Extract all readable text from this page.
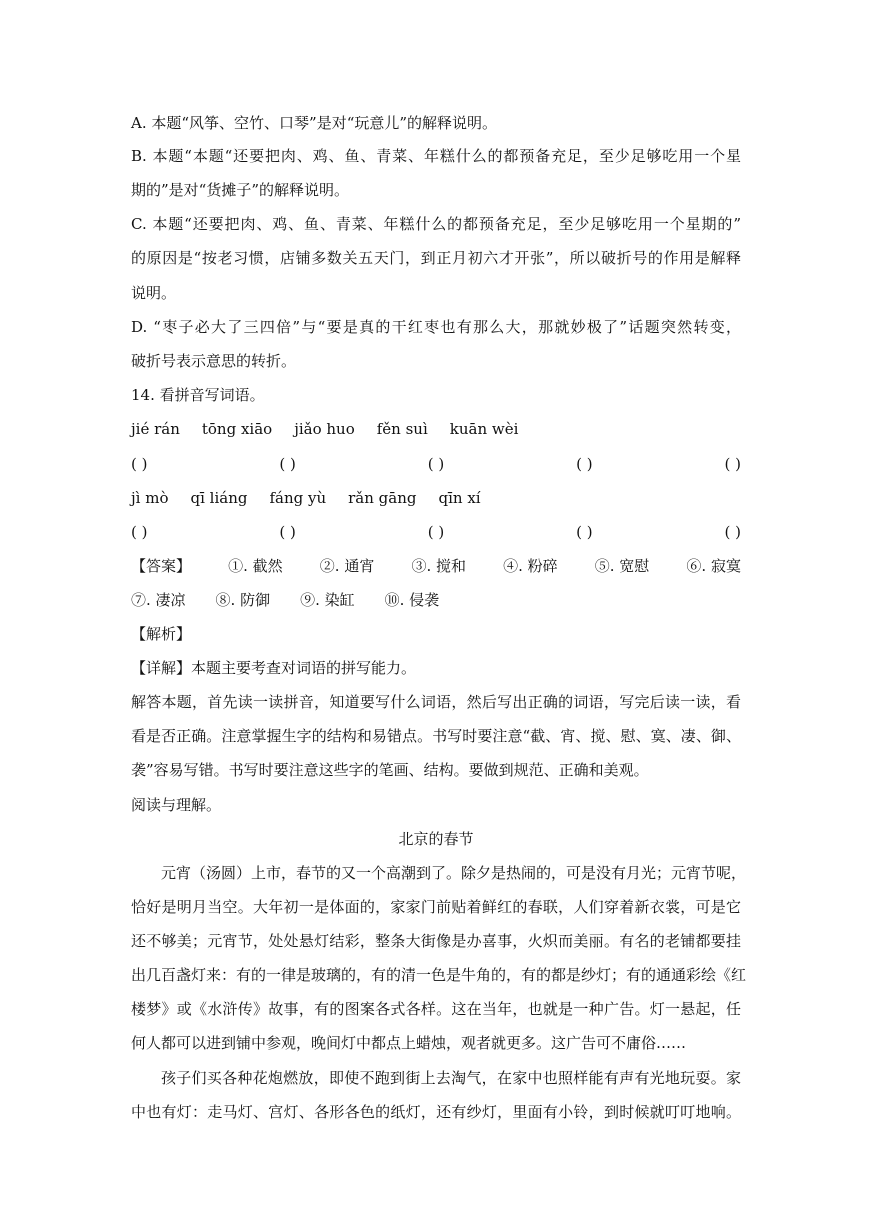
A. 本题“风筝、空竹、口琴”是对“玩意儿”的解释说明。
B. 本题“本题“还要把肉、鸡、鱼、青菜、年糕什么的都预备充足，至少足够吃用一个星
期的”是对“货摊子”的解释说明。
C. 本题“还要把肉、鸡、鱼、青菜、年糕什么的都预备充足，至少足够吃用一个星期的”
的原因是“按老习惯，店铺多数关五天门，到正月初六才开张”，所以破折号的作用是解释
说明。
D. “枣子必大了三四倍”与“要是真的干红枣也有那么大，那就妙极了”话题突然转变，
破折号表示意思的转折。
14. 看拼音写词语。
jié rán tōng xiāo jiǎo huo fěn suì kuān wèi
( )	( )	( )	( )	( )
jì mò qī liáng fáng yù rǎn gāng qīn xí
( )	( )	( )	( )	( )
【答案】 ①. 截然 ②. 通宵 ③. 搅和 ④. 粉碎 ⑤. 宽慰 ⑥. 寂寞
⑦. 凄凉 ⑧. 防御 ⑨. 染缸 ⑩. 侵袭
【解析】
【详解】本题主要考查对词语的拼写能力。
解答本题，首先读一读拼音，知道要写什么词语，然后写出正确的词语，写完后读一读，看
看是否正确。注意掌握生字的结构和易错点。书写时要注意“截、宵、搅、慰、寞、凄、御、
袭”容易写错。书写时要注意这些字的笔画、结构。要做到规范、正确和美观。
阅读与理解。
北京的春节
元宵（汤圆）上市，春节的又一个高潮到了。除夕是热闹的，可是没有月光；元宵节呢，
恰好是明月当空。大年初一是体面的，家家门前贴着鲜红的春联，人们穿着新衣裳，可是它
还不够美；元宵节，处处悬灯结彩，整条大街像是办喜事，火炽而美丽。有名的老铺都要挂
出几百盏灯来：有的一律是玻璃的，有的清一色是牛角的，有的都是纱灯；有的通通彩绘《红
楼梦》或《水浒传》故事，有的图案各式各样。这在当年，也就是一种广告。灯一悬起，任
何人都可以进到铺中参观，晚间灯中都点上蜡烛，观者就更多。这广告可不庸俗……
孩子们买各种花炮燃放，即使不跑到街上去淘气，在家中也照样能有声有光地玩耍。家
中也有灯：走马灯、宫灯、各形各色的纸灯，还有纱灯，里面有小铃，到时候就叮叮地响。
